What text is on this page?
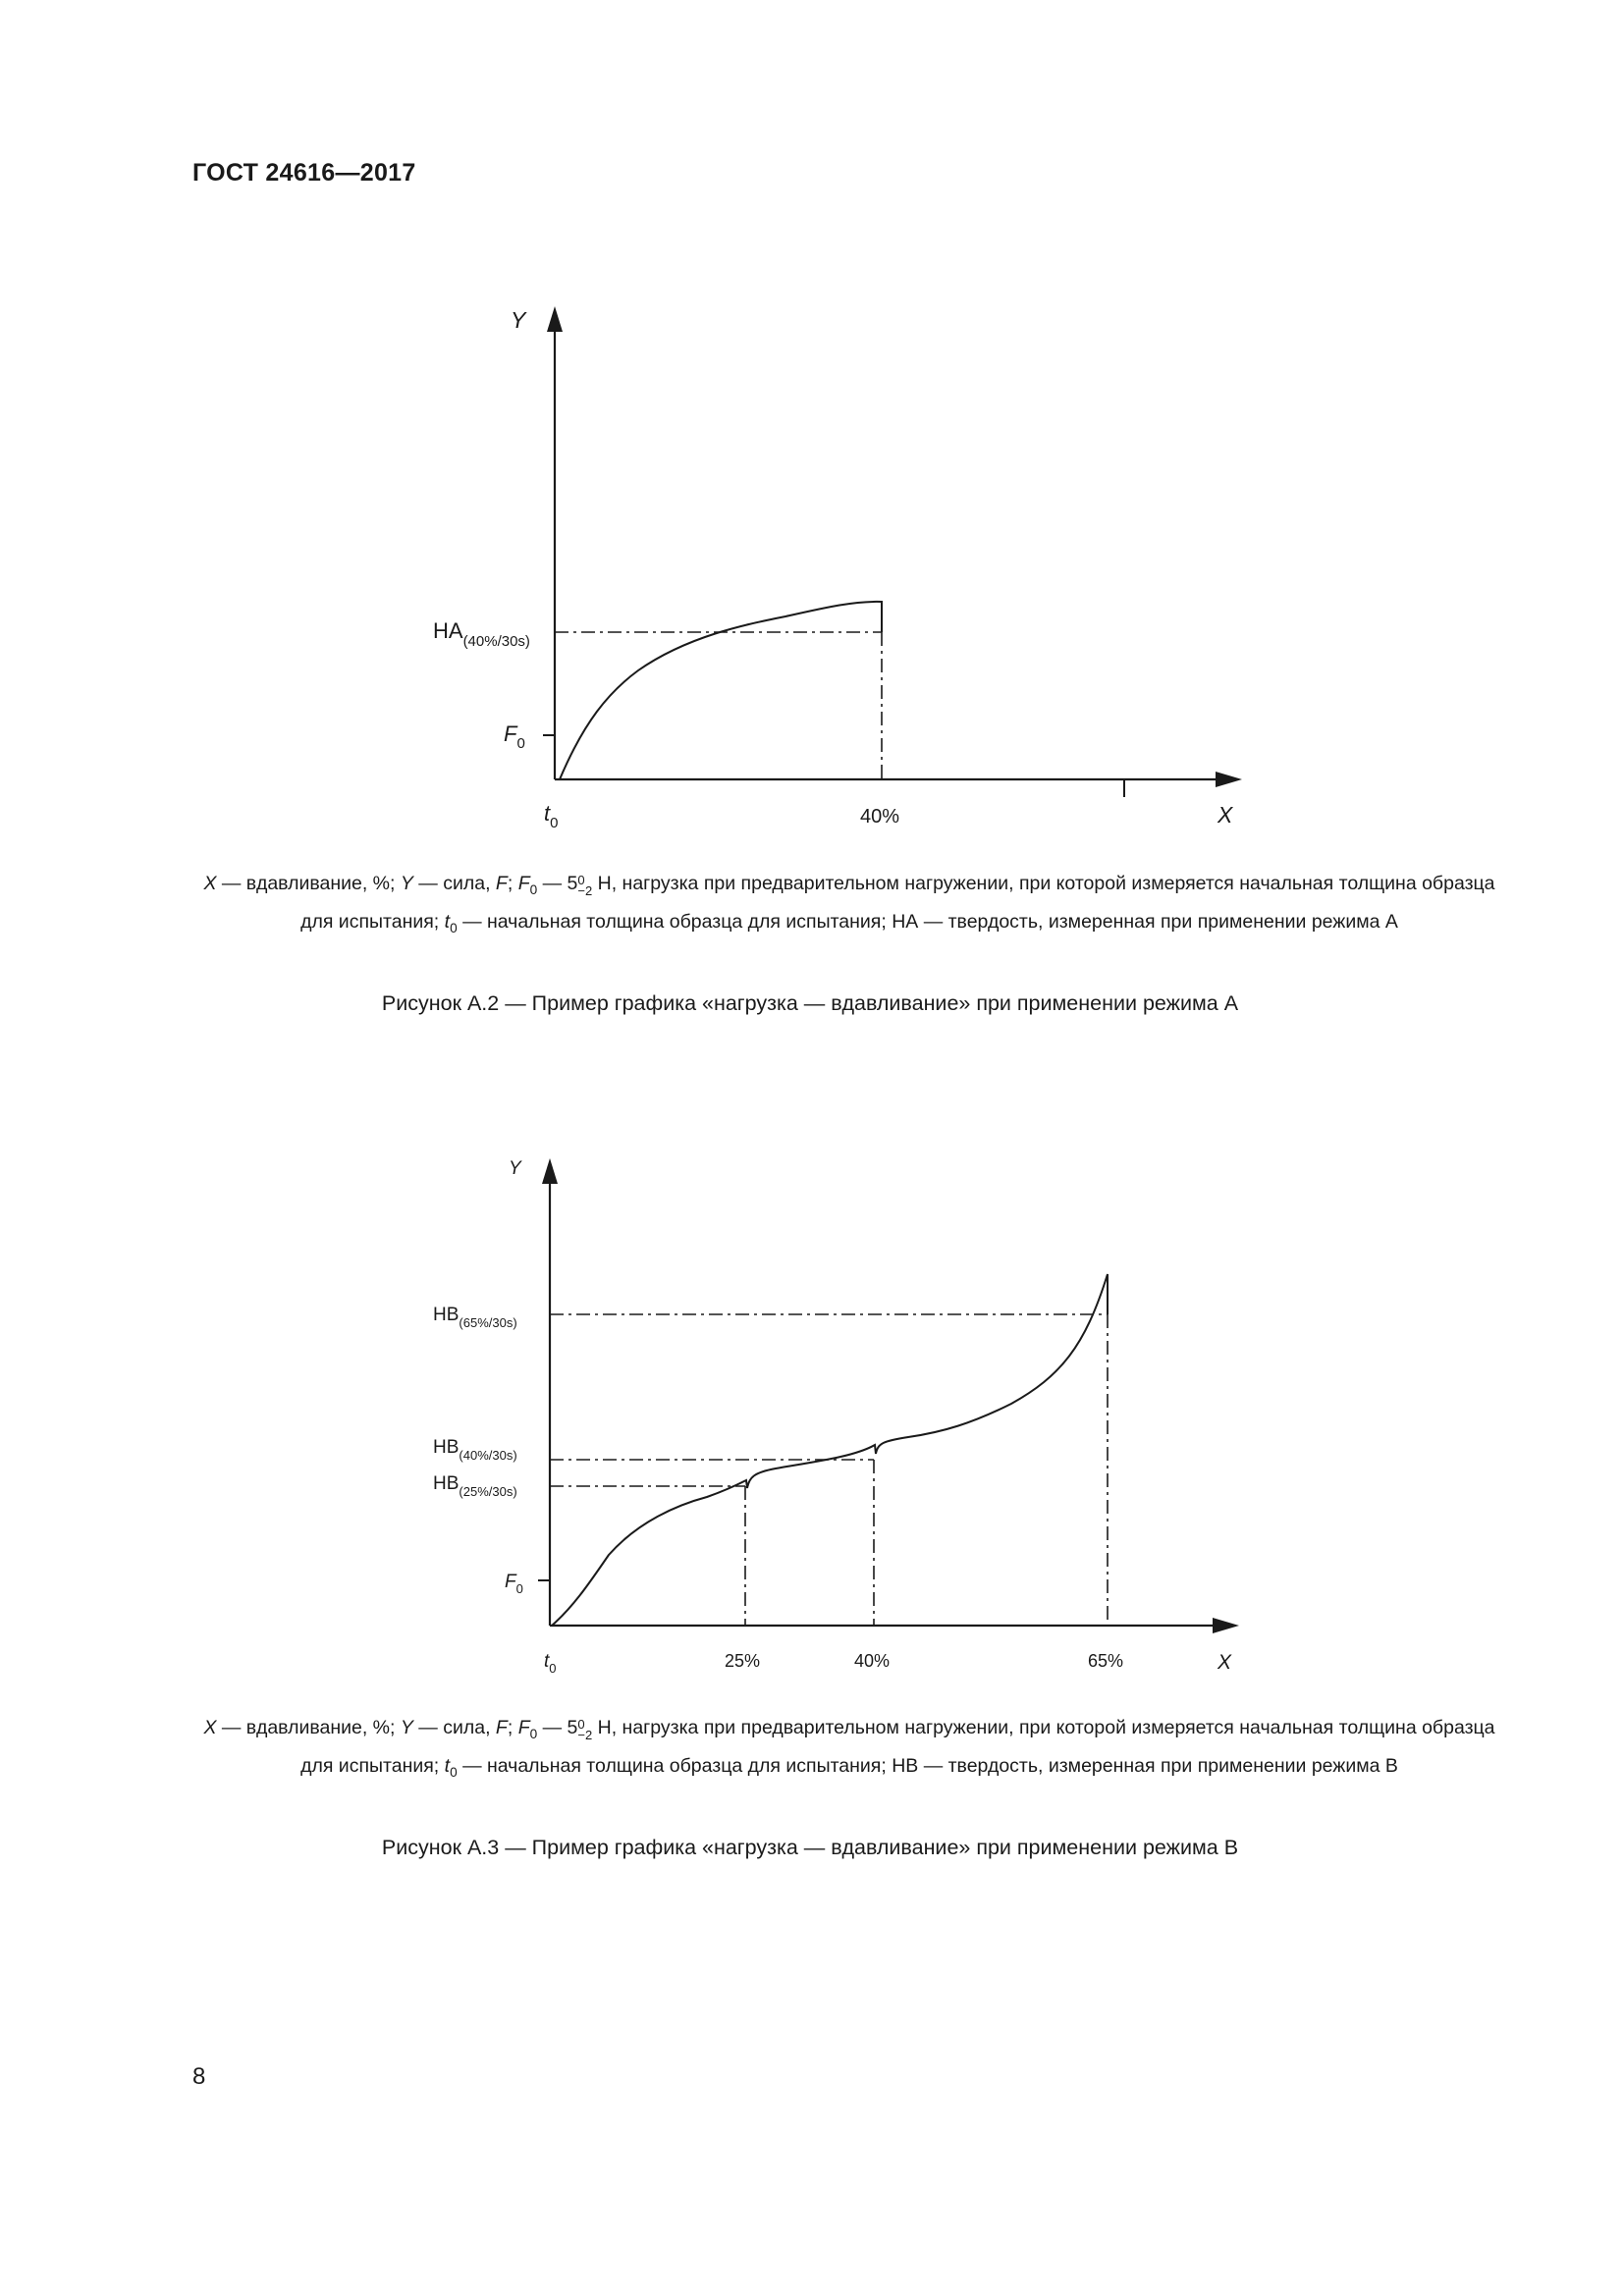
ГОСТ 24616—2017
Y
X
$HA_{(40\%/30s)}$
$F_0$
$t_0$	40%
X — вдавливание, %; Y — сила, F; $F_0$ — 50
−2 Н, нагрузка при предварительном нагружении, при которой измеряется начальная толщина образца для испытания; $t_0$ — начальная толщина образца для испытания; НА — твердость, измеренная при применении режима А
Рисунок А.2 — Пример графика «нагрузка — вдавливание» при применении режима А
Y
X
$HB_{(65\%/30s)}$
$HB_{(40\%/30s)}$
$HB_{(25\%/30s)}$
$F_0$
$t_0$	25%	40%	65%
X — вдавливание, %; Y — сила, F; $F_0$ — 50
−2 Н, нагрузка при предварительном нагружении, при которой измеряется начальная толщина образца для испытания; $t_0$ — начальная толщина образца для испытания; НВ — твердость, измеренная при применении режима В
Рисунок А.3 — Пример графика «нагрузка — вдавливание» при применении режима В
8
